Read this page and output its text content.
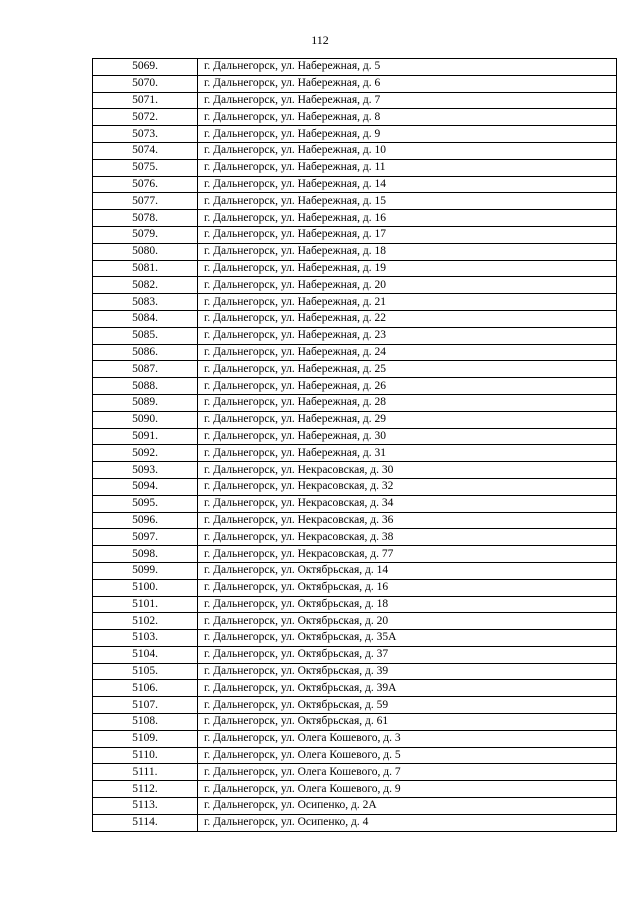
112
5069.	г. Дальнегорск, ул. Набережная, д. 5
5070.	г. Дальнегорск, ул. Набережная, д. 6
5071.	г. Дальнегорск, ул. Набережная, д. 7
5072.	г. Дальнегорск, ул. Набережная, д. 8
5073.	г. Дальнегорск, ул. Набережная, д. 9
5074.	г. Дальнегорск, ул. Набережная, д. 10
5075.	г. Дальнегорск, ул. Набережная, д. 11
5076.	г. Дальнегорск, ул. Набережная, д. 14
5077.	г. Дальнегорск, ул. Набережная, д. 15
5078.	г. Дальнегорск, ул. Набережная, д. 16
5079.	г. Дальнегорск, ул. Набережная, д. 17
5080.	г. Дальнегорск, ул. Набережная, д. 18
5081.	г. Дальнегорск, ул. Набережная, д. 19
5082.	г. Дальнегорск, ул. Набережная, д. 20
5083.	г. Дальнегорск, ул. Набережная, д. 21
5084.	г. Дальнегорск, ул. Набережная, д. 22
5085.	г. Дальнегорск, ул. Набережная, д. 23
5086.	г. Дальнегорск, ул. Набережная, д. 24
5087.	г. Дальнегорск, ул. Набережная, д. 25
5088.	г. Дальнегорск, ул. Набережная, д. 26
5089.	г. Дальнегорск, ул. Набережная, д. 28
5090.	г. Дальнегорск, ул. Набережная, д. 29
5091.	г. Дальнегорск, ул. Набережная, д. 30
5092.	г. Дальнегорск, ул. Набережная, д. 31
5093.	г. Дальнегорск, ул. Некрасовская, д. 30
5094.	г. Дальнегорск, ул. Некрасовская, д. 32
5095.	г. Дальнегорск, ул. Некрасовская, д. 34
5096.	г. Дальнегорск, ул. Некрасовская, д. 36
5097.	г. Дальнегорск, ул. Некрасовская, д. 38
5098.	г. Дальнегорск, ул. Некрасовская, д. 77
5099.	г. Дальнегорск, ул. Октябрьская, д. 14
5100.	г. Дальнегорск, ул. Октябрьская, д. 16
5101.	г. Дальнегорск, ул. Октябрьская, д. 18
5102.	г. Дальнегорск, ул. Октябрьская, д. 20
5103.	г. Дальнегорск, ул. Октябрьская, д. 35А
5104.	г. Дальнегорск, ул. Октябрьская, д. 37
5105.	г. Дальнегорск, ул. Октябрьская, д. 39
5106.	г. Дальнегорск, ул. Октябрьская, д. 39А
5107.	г. Дальнегорск, ул. Октябрьская, д. 59
5108.	г. Дальнегорск, ул. Октябрьская, д. 61
5109.	г. Дальнегорск, ул. Олега Кошевого, д. 3
5110.	г. Дальнегорск, ул. Олега Кошевого, д. 5
5111.	г. Дальнегорск, ул. Олега Кошевого, д. 7
5112.	г. Дальнегорск, ул. Олега Кошевого, д. 9
5113.	г. Дальнегорск, ул. Осипенко, д. 2А
5114.	г. Дальнегорск, ул. Осипенко, д. 4
